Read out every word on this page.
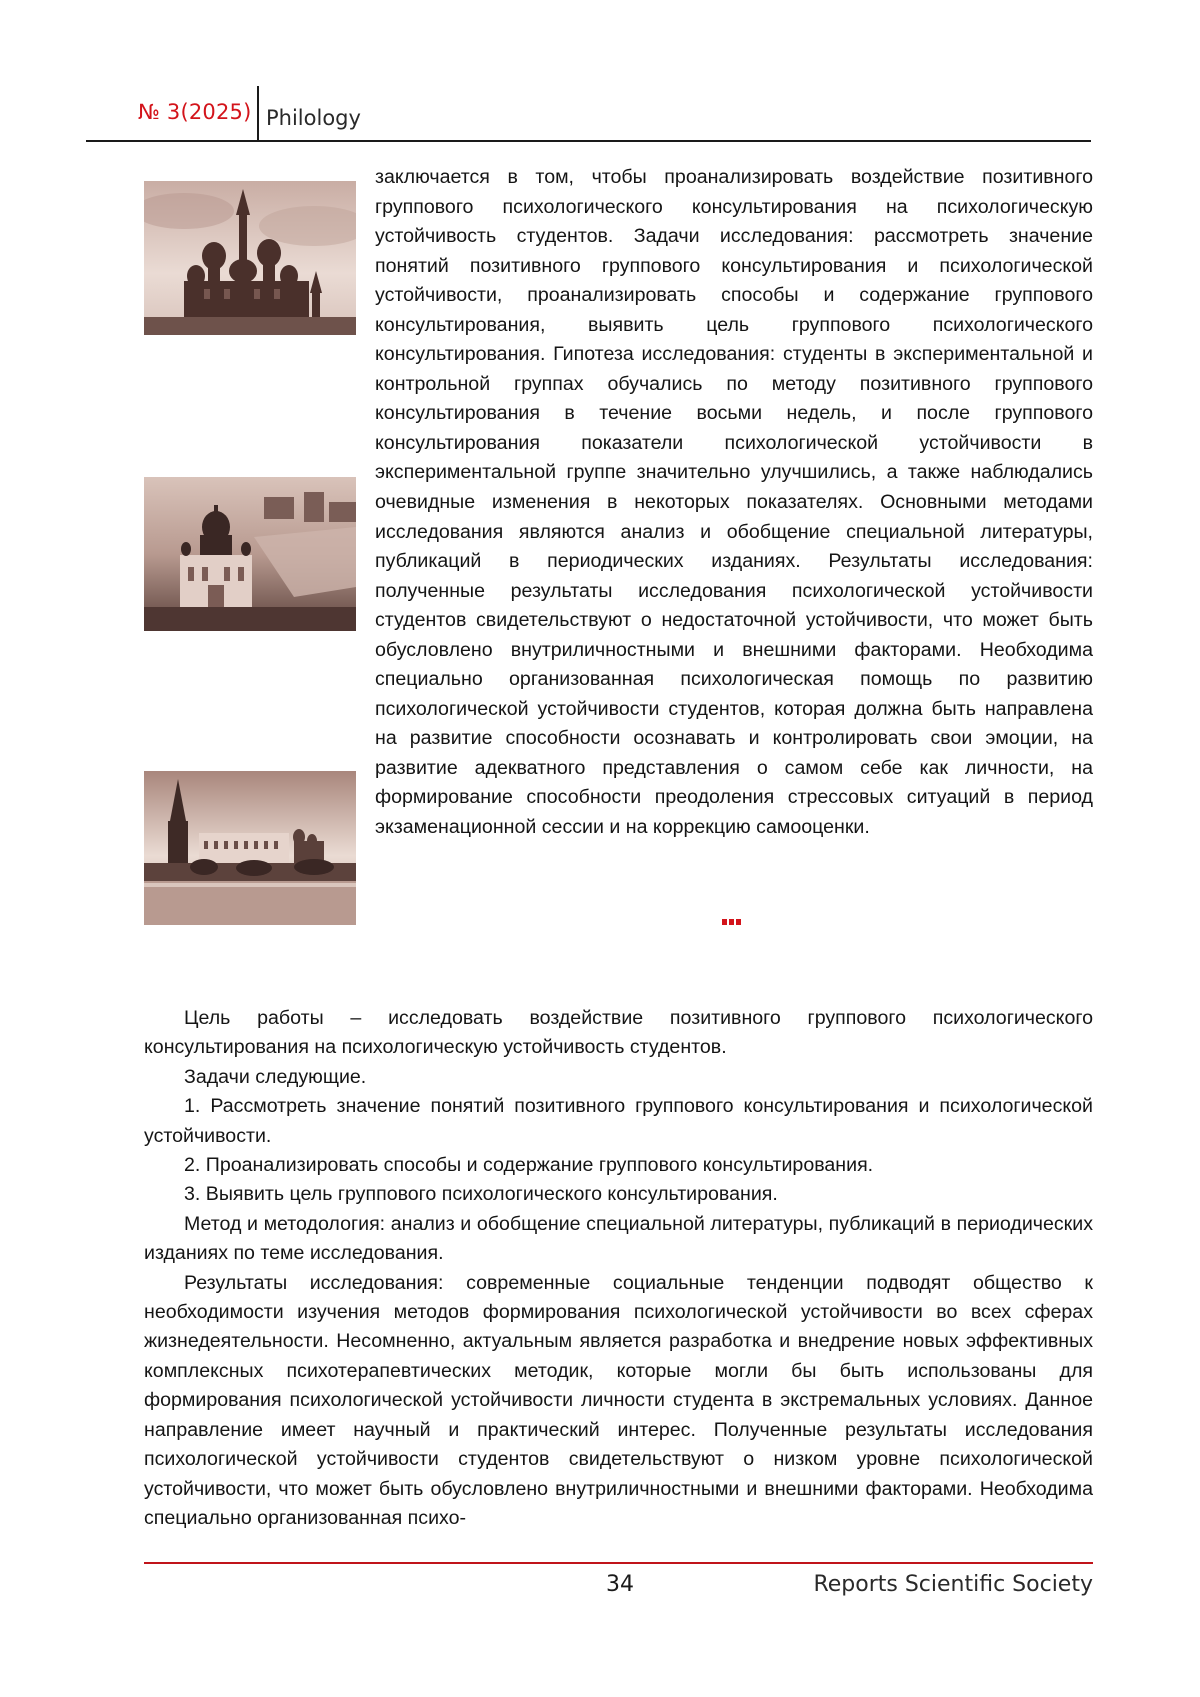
№ 3(2025) Philology

заключается в том, чтобы проанализировать воздействие позитивного группового психологического консультирования на психологическую устойчивость студентов. Задачи исследования: рассмотреть значение понятий позитивного группового консультирования и психологической устойчивости, проанализировать способы и содержание группового консультирования, выявить цель группового психологического консультирования. Гипотеза исследования: студенты в экспериментальной и контрольной группах обучались по методу позитивного группового консультирования в течение восьми недель, и после группового консультирования показатели психологической устойчивости в экспериментальной группе значительно улучшились, а также наблюдались очевидные изменения в некоторых показателях. Основными методами исследования являются анализ и обобщение специальной литературы, публикаций в периодических изданиях. Результаты исследования: полученные результаты исследования психологической устойчивости студентов свидетельствуют о недостаточной устойчивости, что может быть обусловлено внутриличностными и внешними факторами. Необходима специально организованная психологическая помощь по развитию психологической устойчивости студентов, которая должна быть направлена на развитие способности осознавать и контролировать свои эмоции, на развитие адекватного представления о самом себе как личности, на формирование способности преодоления стрессовых ситуаций в период экзаменационной сессии и на коррекцию самооценки.

Цель работы – исследовать воздействие позитивного группового психологического консультирования на психологическую устойчивость студентов.

Задачи следующие.

1. Рассмотреть значение понятий позитивного группового консультирования и психологической устойчивости.

2. Проанализировать способы и содержание группового консультирования.

3. Выявить цель группового психологического консультирования.

Метод и методология: анализ и обобщение специальной литературы, публикаций в периодических изданиях по теме исследования.

Результаты исследования: современные социальные тенденции подводят общество к необходимости изучения методов формирования психологической устойчивости во всех сферах жизнедеятельности. Несомненно, актуальным является разработка и внедрение новых эффективных комплексных психотерапевтических методик, которые могли бы быть использованы для формирования психологической устойчивости личности студента в экстремальных условиях. Данное направление имеет научный и практический интерес. Полученные результаты исследования психологической устойчивости студентов свидетельствуют о низком уровне психологической устойчивости, что может быть обусловлено внутриличностными и внешними факторами. Необходима специально организованная психо-

34	Reports Scientific Society
